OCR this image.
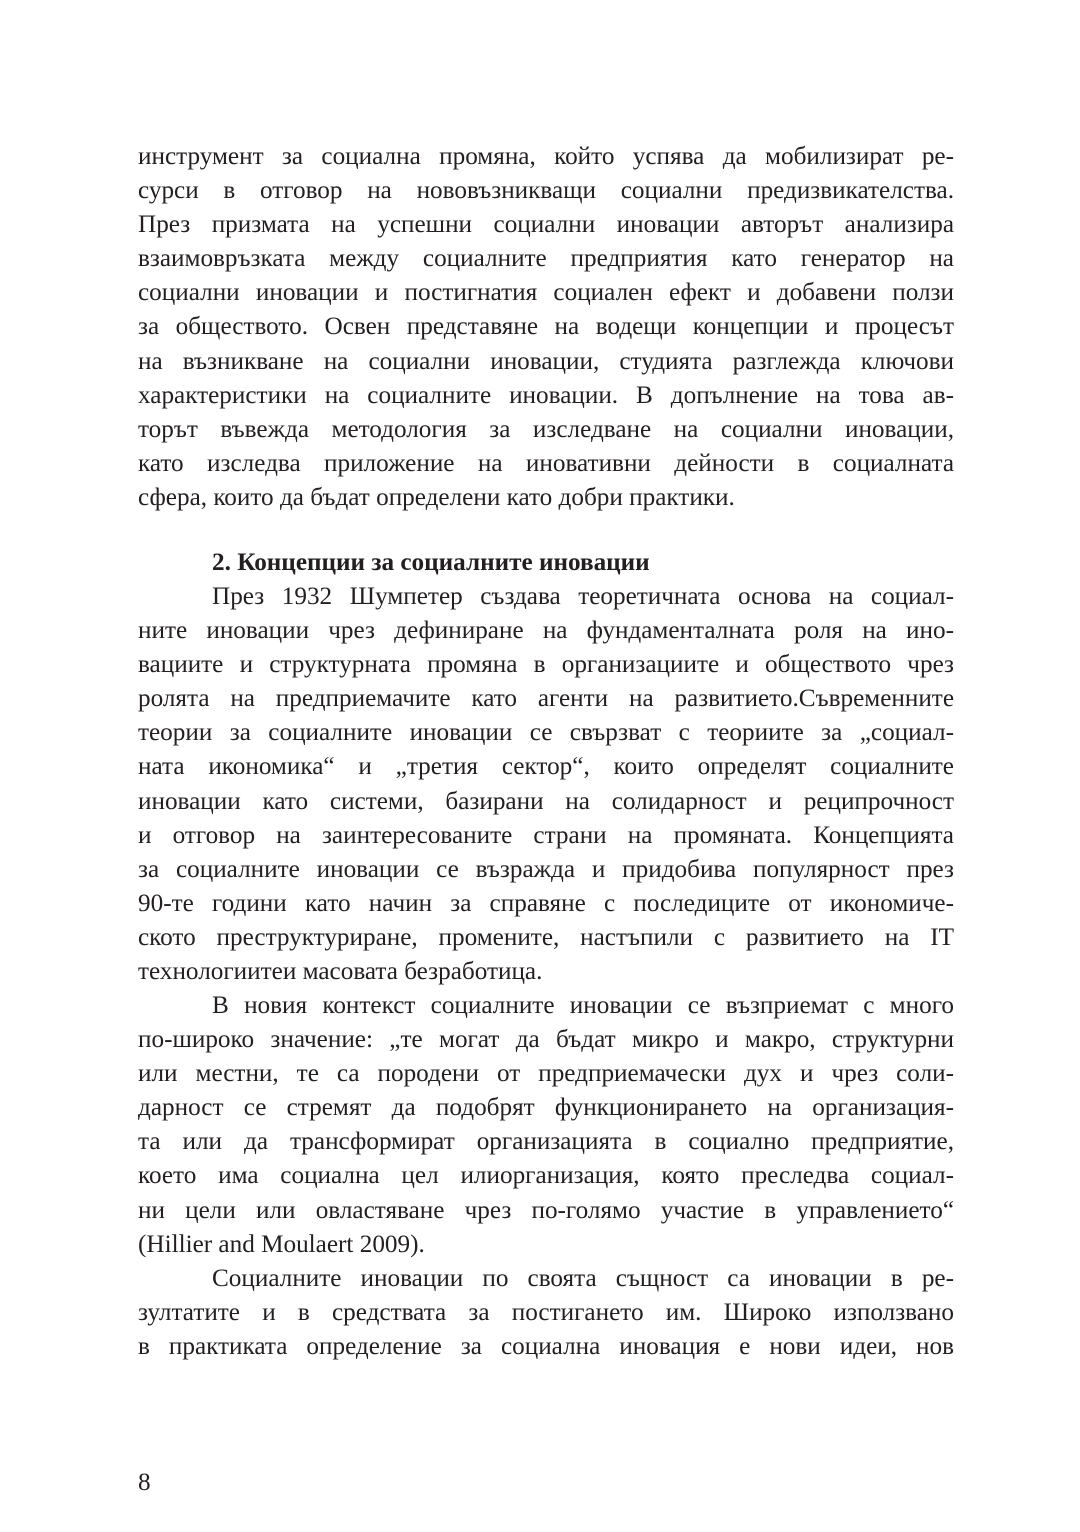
инструмент за социална промяна, който успява да мобилизират ре-
сурси в отговор на нововъзникващи социални предизвикателства.
През призмата на успешни социални иновации авторът анализира
взаимовръзката между социалните предприятия като генератор на
социални иновации и постигнатия социален ефект и добавени ползи
за обществото. Освен представяне на водещи концепции и процесът
на възникване на социални иновации, студията разглежда ключови
характеристики на социалните иновации. В допълнение на това ав-
торът въвежда методология за изследване на социални иновации,
като изследва приложение на иновативни дейности в социалната
сфера, които да бъдат определени като добри практики.
2. Концепции за социалните иновации
През 1932 Шумпетер създава теоретичната основа на социал-
ните иновации чрез дефиниране на фундаменталната роля на ино-
вациите и структурната промяна в организациите и обществото чрез
ролята на предприемачите като агенти на развитието.Съвременните
теории за социалните иновации се свързват с теориите за „социал-
ната икономика“ и „третия сектор“, които определят социалните
иновации като системи, базирани на солидарност и реципрочност
и отговор на заинтересованите страни на промяната. Концепцията
за социалните иновации се възражда и придобива популярност през
90-те години като начин за справяне с последиците от икономиче-
ското преструктуриране, промените, настъпили с развитието на IT
технологиитеи масовата безработица.
В новия контекст социалните иновации се възприемат с много
по-широко значение: „те могат да бъдат микро и макро, структурни
или местни, те са породени от предприемачески дух и чрез соли-
дарност се стремят да подобрят функционирането на организация-
та или да трансформират организацията в социално предприятие,
което има социална цел илиорганизация, която преследва социал-
ни цели или овластяване чрез по-голямо участие в управлението“
(Hillier and Moulaert 2009).
Социалните иновации по своята същност са иновации в ре-
зултатите и в средствата за постигането им. Широко използвано
в практиката определение за социална иновация е нови идеи, нов
8
